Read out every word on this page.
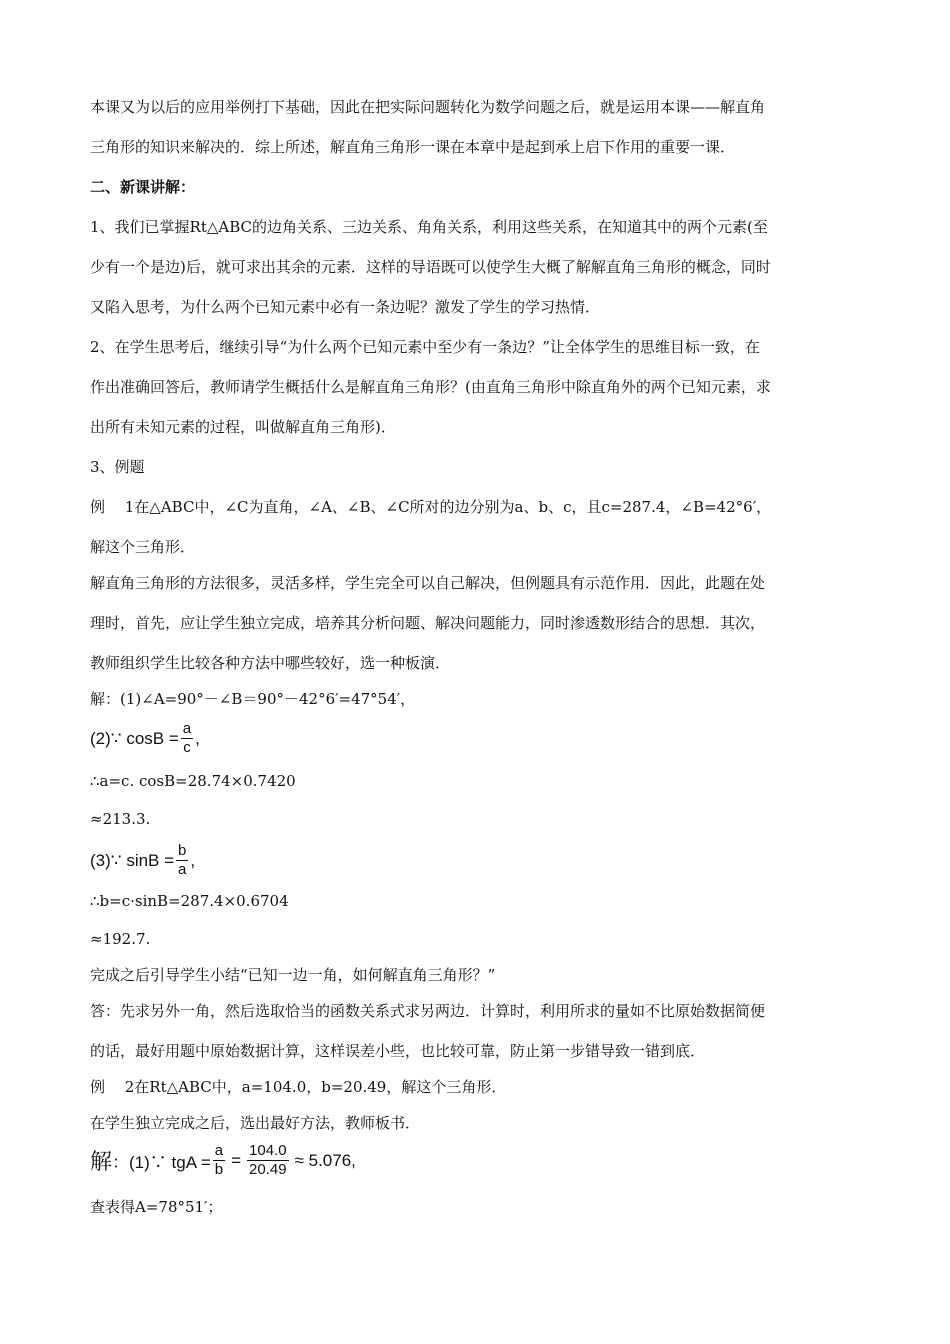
本课又为以后的应用举例打下基础，因此在把实际问题转化为数学问题之后，就是运用本课——解直角
三角形的知识来解决的．综上所述，解直角三角形一课在本章中是起到承上启下作用的重要一课．
二、新课讲解：
1、我们已掌握Rt△ABC的边角关系、三边关系、角角关系，利用这些关系，在知道其中的两个元素(至
少有一个是边)后，就可求出其余的元素．这样的导语既可以使学生大概了解解直角三角形的概念，同时
又陷入思考，为什么两个已知元素中必有一条边呢？激发了学生的学习热情．
2、在学生思考后，继续引导“为什么两个已知元素中至少有一条边？”让全体学生的思维目标一致，在
作出准确回答后，教师请学生概括什么是解直角三角形？(由直角三角形中除直角外的两个已知元素，求
出所有未知元素的过程，叫做解直角三角形)．
3、例题
例　 1在△ABC中，∠C为直角，∠A、∠B、∠C所对的边分别为a、b、c，且c=287.4，∠B=42°6′，
解这个三角形．
解直角三角形的方法很多，灵活多样，学生完全可以自己解决，但例题具有示范作用．因此，此题在处
理时，首先，应让学生独立完成，培养其分析问题、解决问题能力，同时渗透数形结合的思想．其次，
教师组织学生比较各种方法中哪些较好，选一种板演．
解：(1)∠A=90°－∠B＝90°－42°6′=47°54′，
(2)∵ $\cos B = \frac{a}{c}$ ,
∴a=c. cosB=28.74×0.7420
≈213.3.
(3)∵ $\sin B = \frac{b}{a}$ ,
∴b=c·sinB=287.4×0.6704
≈192.7.
完成之后引导学生小结“已知一边一角，如何解直角三角形？”
答：先求另外一角，然后选取恰当的函数关系式求另两边．计算时，利用所求的量如不比原始数据简便
的话，最好用题中原始数据计算，这样误差小些，也比较可靠，防止第一步错导致一错到底．
例　 2在Rt△ABC中，a=104.0，b=20.49，解这个三角形．
在学生独立完成之后，选出最好方法，教师板书．
解 ：(1)∵ tgA = $\frac{a}{b} = \frac{104.0}{20.49} \approx 5.076$,
查表得A=78°51′；
